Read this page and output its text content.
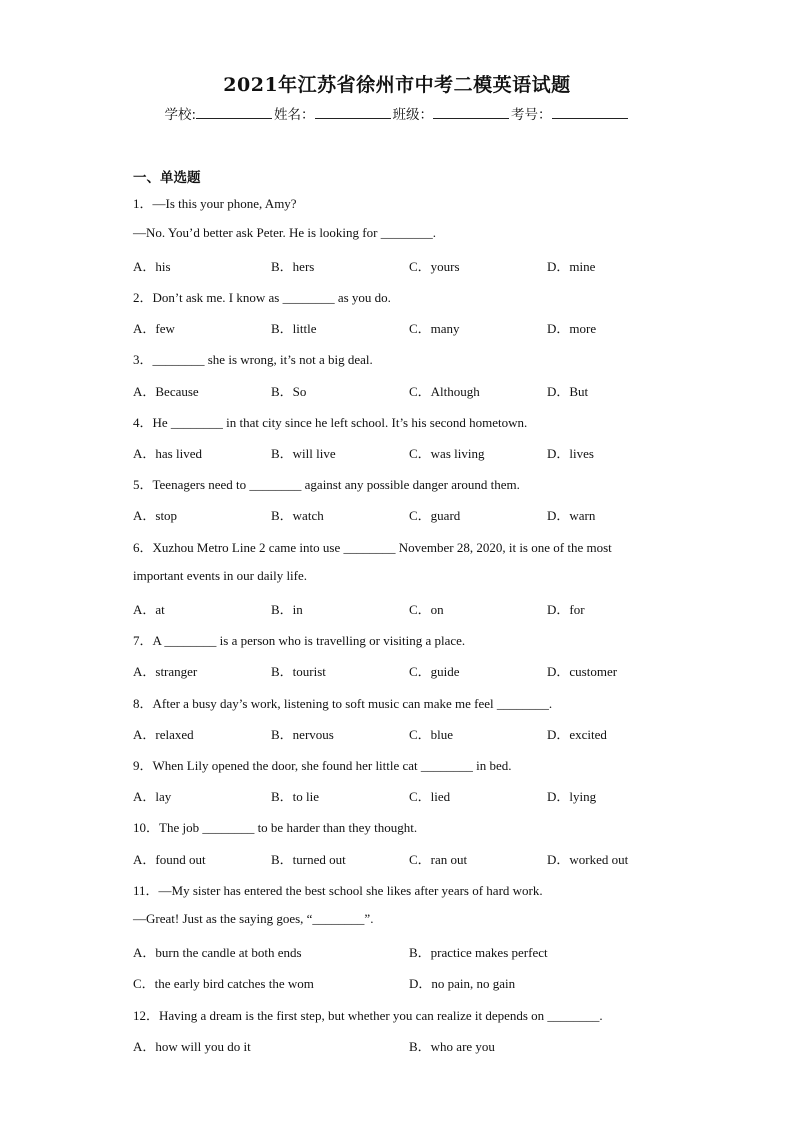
2021年江苏省徐州市中考二模英语试题
学校:	姓名：	班级：	考号：
一、单选题
1．—Is this your phone, Amy?
—No. You’d better ask Peter. He is looking for ________.
A．his	B．hers	C．yours	D．mine
2．Don’t ask me. I know as ________ as you do.
A．few	B．little	C．many	D．more
3．________ she is wrong, it’s not a big deal.
A．Because	B．So	C．Although	D．But
4．He ________ in that city since he left school. It’s his second hometown.
A．has lived	B．will live	C．was living	D．lives
5．Teenagers need to ________ against any possible danger around them.
A．stop	B．watch	C．guard	D．warn
6．Xuzhou Metro Line 2 came into use ________ November 28, 2020, it is one of the most
important events in our daily life.
A．at	B．in	C．on	D．for
7．A ________ is a person who is travelling or visiting a place.
A．stranger	B．tourist	C．guide	D．customer
8．After a busy day’s work, listening to soft music can make me feel ________.
A．relaxed	B．nervous	C．blue	D．excited
9．When Lily opened the door, she found her little cat ________ in bed.
A．lay	B．to lie	C．lied	D．lying
10．The job ________ to be harder than they thought.
A．found out	B．turned out	C．ran out	D．worked out
11．—My sister has entered the best school she likes after years of hard work.
—Great! Just as the saying goes, “________”.
A．burn the candle at both ends	B．practice makes perfect
C．the early bird catches the wom	D．no pain, no gain
12．Having a dream is the first step, but whether you can realize it depends on ________.
A．how will you do it	B．who are you
